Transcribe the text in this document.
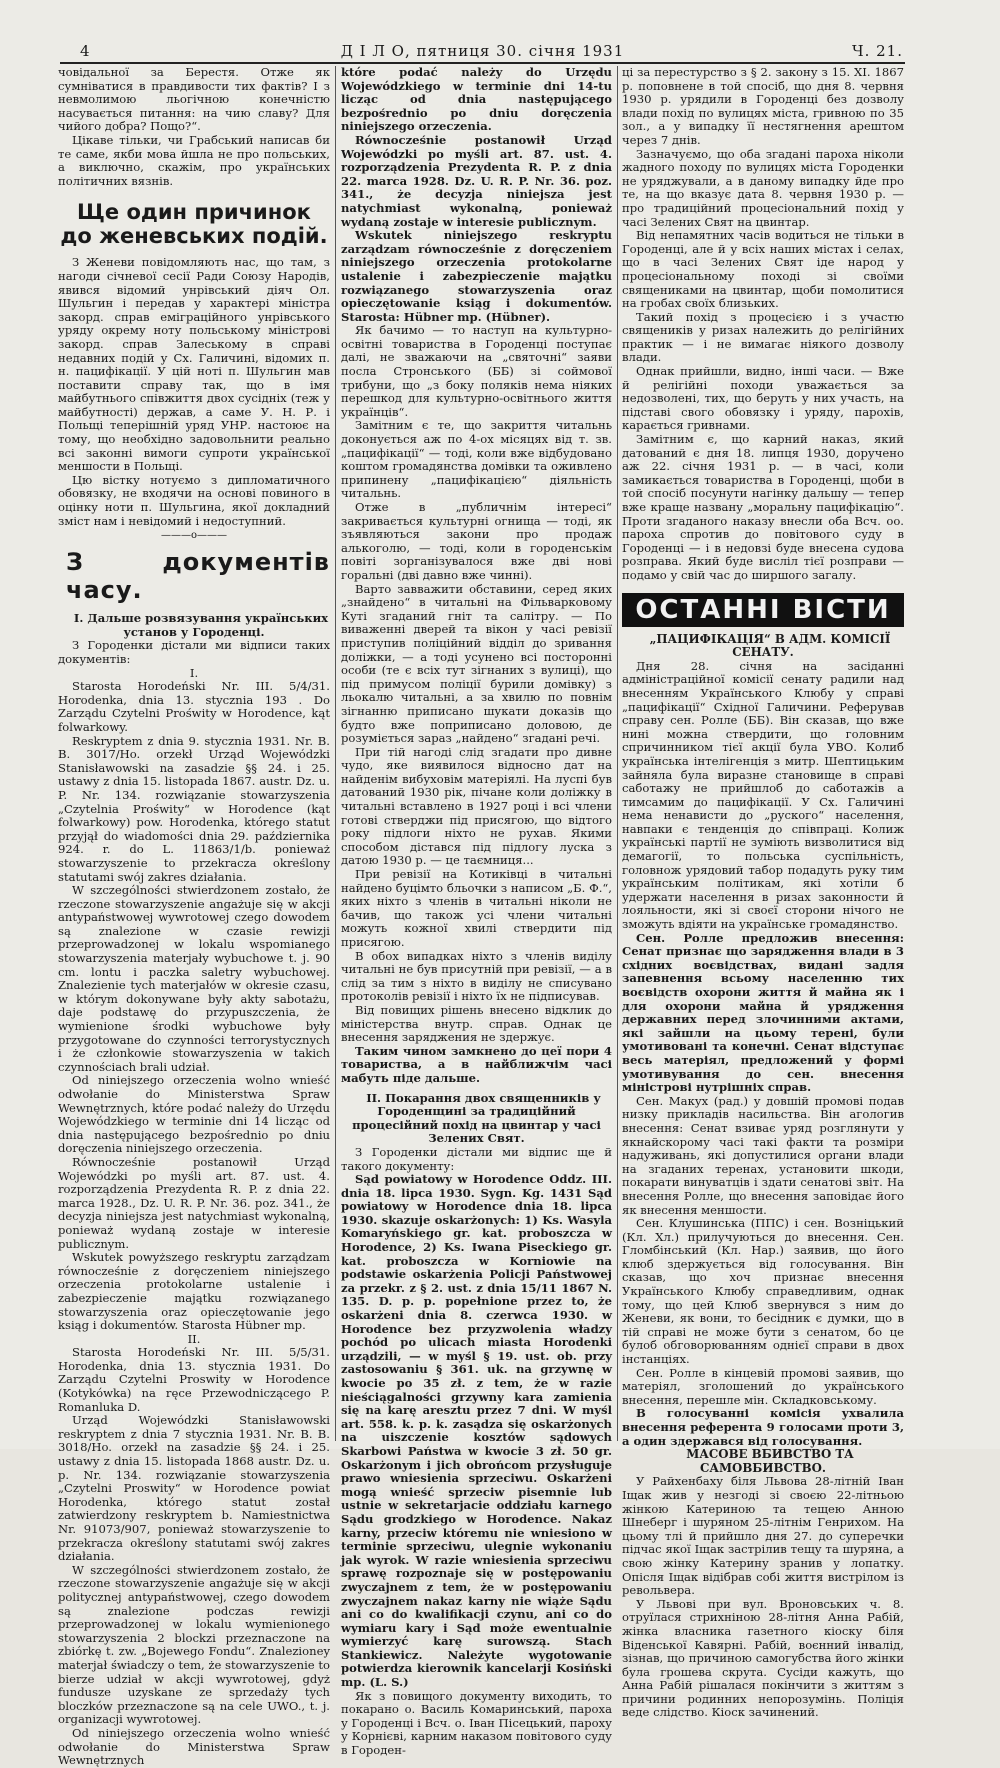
4	Д І Л О, пятниця 30. січня 1931	Ч. 21.

човідальної за Берестя. Отже як сумніватися в правдивости тих фактів? І з невмолимою льогічною конечністю насувається питання: на чию славу? Для чийого добра? Пощо?“.

Цікаве тільки, чи Грабський написав би те саме, якби мова йшла не про польських, а виключно, скажім, про українських політичних вязнів.

Ще один причинок до женевських подій.

З Женеви повідомляють нас, що там, з нагоди січневої сесії Ради Союзу Народів, явився відомий унрівський діяч Ол. Шульгин і передав у характері міністра закорд. справ еміграційного унрівського уряду окрему ноту польському міністрові закорд. справ Залеському в справі недавних подій у Сх. Галичині, відомих п. н. пацифікації. У цій ноті п. Шульгин мав поставити справу так, що в імя майбутнього співжиття двох сусідніх (теж у майбутності) держав, а саме У. Н. Р. і Польщі теперішній уряд УНР. настоює на тому, що необхідно задовольнити реально всі законні вимоги супроти української меншости в Польщі.

Цю вістку нотуємо з дипломатичного обовязку, не входячи на основі повиного в оцінку ноти п. Шульгина, якої докладний зміст нам і невідомий і недоступний.

———o———
З документів часу.

І. Дальше розвязування українських установ у Городенці.

З Городенки дістали ми відписи таких документів:

І.

Starosta Horodeński Nr. III. 5/4/31. Horodenka, dnia 13. stycznia 193 . Do Zarządu Czytelni Proświty w Horodence, kąt folwarkowy.

Reskryptem z dnia 9. stycznia 1931. Nr. B. B. 3017/Ho. orzekł Urząd Wojewódzki Stanisławowski na zasadzie §§ 24. i 25. ustawy z dnia 15. listopada 1867. austr. Dz. u. P. Nr. 134. rozwiązanie stowarzyszenia „Czytelnia Proświty“ w Horodence (kąt folwarkowy) pow. Horodenka, którego statut przyjął do wiadomości dnia 29. października 924. r. do L. 11863/1/b. ponieważ stowarzyszenie to przekracza określony statutami swój zakres działania.

W szczególności stwierdzonem zostało, że rzeczone stowarzyszenie angażuje się w akcji antypaństwowej wywrotowej czego dowodem są znalezione w czasie rewizji przeprowadzonej w lokalu wspomianego stowarzyszenia materjały wybuchowe t. j. 90 cm. lontu i paczka saletry wybuchowej. Znalezienie tych materjałów w okresie czasu, w którym dokonywane były akty sabotażu, daje podstawę do przypuszczenia, że wymienione środki wybuchowe były przygotowane do czynności terrorystycznych i że członkowie stowarzyszenia w takich czynnościach brali udział.

Od niniejszego orzeczenia wolno wnieść odwołanie do Ministerstwa Spraw Wewnętrznych, które podać należy do Urzędu Wojewódzkiego w terminie dni 14 licząc od dnia następującego bezpośrednio po dniu doręczenia niniejszego orzeczenia.

Równocześnie postanowił Urząd Wojewódzki po myśli art. 87. ust. 4. rozporządzenia Prezydenta R. P. z dnia 22. marca 1928., Dz. U. R. P. Nr. 36. poz. 341., że decyzja niniejsza jest natychmiast wykonalną, ponieważ wydaną zostaje w interesie publicznym.

Wskutek powyższego reskryptu zarządzam równocześnie z doręczeniem niniejszego orzeczenia protokolarne ustalenie i zabezpieczenie majątku rozwiązanego stowarzyszenia oraz opieczętowanie jego ksiąg i dokumentów. Starosta Hübner mp.

II.

Starosta Horodeński Nr. III. 5/5/31. Horodenka, dnia 13. stycznia 1931. Do Zarządu Czytelni Proswity w Horodence (Kotykówka) na ręce Przewodniczącego P. Romanluka D.

Urząd Wojewódzki Stanisławowski reskryptem z dnia 7 stycznia 1931. Nr. B. B. 3018/Ho. orzekł na zasadzie §§ 24. i 25. ustawy z dnia 15. listopada 1868 austr. Dz. u. p. Nr. 134. rozwiązanie stowarzyszenia „Czytelni Proswity“ w Horodence powiat Horodenka, którego statut został zatwierdzony reskryptem b. Namiestnictwa Nr. 91073/907, ponieważ stowarzyszenie to przekracza określony statutami swój zakres działania.

W szczególności stwierdzonem zostało, że rzeczone stowarzyszenie angażuje się w akcji politycznej antypaństwowej, czego dowodem są znalezione podczas rewizji przeprowadzonej w lokalu wymienionego stowarzyszenia 2 blockzi przeznaczone na zbiórkę t. zw. „Bojewego Fondu“. Znalezioney materjał świadczy o tem, że stowarzyszenie to bierze udział w akcji wywrotowej, gdyż fundusze uzyskane ze sprzedaży tych bloczków przeznaczone są na cele UWO., t. j. organizacji wywrotowej.

Od niniejszego orzeczenia wolno wnieść odwołanie do Ministerstwa Spraw Wewnętrznych

które podać należy do Urzędu Wojewódzkiego w terminie dni 14-tu licząc od dnia następującego bezpośrednio po dniu doręczenia niniejszego orzeczenia.

Równocześnie postanowił Urząd Wojewódzki po myśli art. 87. ust. 4. rozporządzenia Prezydenta R. P. z dnia 22. marca 1928. Dz. U. R. P. Nr. 36. poz. 341., że decyzja niniejsza jest natychmiast wykonalną, ponieważ wydaną zostaje w interesie publicznym.

Wskutek niniejszego reskryptu zarządzam równocześnie z doręczeniem niniejszego orzeczenia protokolarne ustalenie i zabezpieczenie majątku rozwiązanego stowarzyszenia oraz opieczętowanie ksiąg i dokumentów. Starosta: Hübner mp. (Hübner).

Як бачимо — то наступ на культурно-освітні товариства в Городенці поступає далі, не зважаючи на „святочні“ заяви посла Стронського (ББ) зі соймової трибуни, що „з боку поляків нема ніяких перешкод для культурно-освітнього життя українців“.

Замітним є те, що закриття читальнь доконується аж по 4-ох місяцях від т. зв. „пацифікації“ — тоді, коли вже відбудовано коштом громадянства домівки та оживлено припинену „пацифікацією“ діяльність читальнь.

Отже в „публичнім інтересі“ закривається культурні огнища — тоді, як зъявляються закони про продаж алькоголю, — тоді, коли в городенськім повіті зорганізувалося вже дві нові горальні (дві давно вже чинні).

Варто завважити обставини, серед яких „знайдено“ в читальні на Фільварковому Куті згаданий гніт та салітру. — По виваженні дверей та вікон у часі ревізії приступив поліційний відділ до зривання доліжки, — а тоді усунено всі посторонні особи (те є всіх тут зігнаних з вулиці), що під примусом поліції бурили домівку) з льокалю читальні, а за хвилю по повнім зігнанню приписано шукати доказів що будто вже поприписано доловою, де розуміється зараз „найдено“ згадані речі.

При тій нагоді слід згадати про дивне чудо, яке виявилося відносно дат на найденім вибуховім матеріялі. На луспі був датований 1930 рік, пічане коли доліжку в читальні вставлено в 1927 році і всі члени готові стверджи під присягою, що відтого року підлоги ніхто не рухав. Якими способом дістався під підлогу луска з датою 1930 р. — це таємниця...

При ревізії на Котиківці в читальні найдено буцімто бльочки з написом „Б. Ф.“, яких ніхто з членів в читальні ніколи не бачив, що також усі члени читальні можуть кожної хвилі ствердити під присягою.

В обох випадках ніхто з членів виділу читальні не був присутній при ревізії, — а в слід за тим з ніхто в виділу не списувано протоколів ревізії і ніхто їх не підписував.

Від повищих рішень внесено відклик до міністерства внутр. справ. Однак це внесення заряджения не здержує.

Таким чином замкнено до цеї пори 4 товариства, а в найближчім часі мабуть піде дальше.

ІІ. Покарання двох священників у Городенщині за традиційний процесійний похід на цвинтар у часі Зелених Свят.

З Городенки дістали ми відпис ще й такого документу:

Sąd powiatowy w Horodence Oddz. III. dnia 18. lipca 1930. Sygn. Kg. 1431 Sąd powiatowy w Horodence dnia 18. lipca 1930. skazuje oskarżonych: 1) Ks. Wasyla Komaryńskiego gr. kat. proboszcza w Horodence, 2) Ks. Iwana Piseckiego gr. kat. proboszcza w Korniowie na podstawie oskarżenia Policji Państwowej za przekr. z § 2. ust. z dnia 15/11 1867 N. 135. D. p. p. popełnione przez to, że oskarżeni dnia 8. czerwca 1930. w Horodence bez przyzwolenia władzy pochód po ulicach miasta Horodenki urządzili, — w myśl § 19. ust. ob. przy zastosowaniu § 361. uk. na grzywnę w kwocie po 35 zł. z tem, że w razie nieściągalności grzywny kara zamienia się na karę aresztu przez 7 dni. W myśl art. 558. k. p. k. zasądza się oskarżonych na uiszczenie kosztów sądowych Skarbowi Państwa w kwocie 3 zł. 50 gr. Oskarżonym i jich obrońcom przysługuje prawo wniesienia sprzeciwu. Oskarżeni mogą wnieść sprzeciw pisemnie lub ustnie w sekretarjacie oddziału karnego Sądu grodzkiego w Horodence. Nakaz karny, przeciw któremu nie wniesiono w terminie sprzeciwu, ulegnie wykonaniu jak wyrok. W razie wniesienia sprzeciwu sprawę rozpoznaje się w postępowaniu zwyczajnem z tem, że w postępowaniu zwyczajnem nakaz karny nie wiąże Sądu ani co do kwalifikacji czynu, ani co do wymiaru kary i Sąd może ewentualnie wymierzyć karę surowszą. Stach Stankiewicz. Należyte wygotowanie potwierdza kierownik kancelarji Kosiński mp. (L. S.)

Як з повищого документу виходить, то покарано о. Василь Комаринський, пароха у Городенці і Всч. о. Іван Пісецький, пароху у Корнієві, карним наказом повітового суду в Городен-

ці за перестурство з § 2. закону з 15. XI. 1867 р. поповнене в той спосіб, що дня 8. червня 1930 р. урядили в Городенці без дозволу влади похід по вулицях міста, гривною по 35 зол., а у випадку її нестягнення арештом через 7 днів.

Зазначуємо, що оба згадані пароха ніколи жадного походу по вулицях міста Городенки не уряджували, а в даному випадку йде про те, на що вказує дата 8. червня 1930 р. — про традиційний процесіональний похід у часі Зелених Свят на цвинтар.

Від непамятних часів водиться не тільки в Городенці, але й у всіх наших містах і селах, що в часі Зелених Свят іде народ у процесіональному поході зі своїми священиками на цвинтар, щоби помолитися на гробах своїх близьких.

Такий похід з процесією і з участю священиків у ризах належить до релігійних практик — і не вимагає ніякого дозволу влади.

Однак прийшли, видно, інші часи. — Вже й релігійні походи уважається за недозволені, тих, що беруть у них участь, на підставі свого обовязку і уряду, парохів, карається гривнами.

Замітним є, що карний наказ, який датований є дня 18. липця 1930, доручено аж 22. січня 1931 р. — в часі, коли замикається товариства в Городенці, щоби в той спосіб посунути нагінку дальшу — тепер вже краще названу „моральну пацифікацію“. Проти згаданого наказу внесли оба Всч. оо. пароха спротив до повітового суду в Городенці — і в недовзі буде внесена судова розправа. Який буде висліл тієї розправи — подамо у свій час до ширшого загалу.

ОСТАННІ ВІСТИ

„ПАЦИФІКАЦІЯ“ В АДМ. КОМІСІЇ СЕНАТУ.

Дня 28. січня на засіданні адміністраційної комісії сенату радили над внесенням Українського Клюбу у справі „пацифікації“ Східної Галичини. Реферував справу сен. Ролле (ББ). Він сказав, що вже нині можна ствердити, що головним спричинником тієї акції була УВО. Колиб українська інтелігенція з митр. Шептицьким зайняла була виразне становище в справі саботажу не прийшлоб до саботажів а тимсамим до пацифікації. У Сх. Галичині нема ненависти до „руского“ населення, навпаки є тенденція до співпраці. Колиж українські партії не зуміють визволитися від демагогії, то польська суспільність, головнож урядовий табор подадуть руку тим українським політикам, які хотіли б удержати населення в ризах законности й лояльности, які зі своєї сторони нічого не зможуть вдіяти на українське громадянство.

Сен. Ролле предложив внесення: Сенат признає що зарядження влади в 3 східних воєвідствах, видані задля запевнення всьому населенню тих воєвідств охорони життя й майна як і для охорони майна й урядження державних перед злочинними актами, які зайшли на цьому терені, були умотивовані та конечні. Сенат відступає весь матеріял, предложений у формі умотивування до сен. внесення міністрові нутрішніх справ.

Сен. Макух (рад.) у довшій промові подав низку прикладів насильства. Він агологив внесення: Сенат взиває уряд розглянути у якнайскорому часі такі факти та розміри надуживань, які допустилися органи влади на згаданих теренах, установити шкоди, покарати винуватців і здати сенатові звіт. На внесення Ролле, що внесення заповідає його як внесення меншости.

Сен. Клушинська (ППС) і сен. Возніцький (Кл. Хл.) прилучуються до внесення. Сен. Гломбінський (Кл. Нар.) заявив, що його клюб здержується від голосування. Він сказав, що хоч признає внесення Українського Клюбу справедливим, однак тому, що цей Клюб звернувся з ним до Женеви, як вони, то бесідник є думки, що в тій справі не може бути з сенатом, бо це булоб обговорюванням однієї справи в двох інстанціях.

Сен. Ролле в кінцевій промові заявив, що матеріял, зголошений до українського внесення, перешле мін. Складковському.

В голосуванні комісія ухвалила внесення референта 9 голосами проти 3, а один здержався від голосування.

МАСОВЕ ВБИВСТВО ТА САМОВБИВСТВО.

У Райхенбаху біля Львова 28-літній Іван Іщак жив у незгоді зі своєю 22-літньою жінкою Катериною та тещею Анною Шнеберг і шуряном 25-літнім Генрихом. На цьому тлі й прийшло дня 27. до суперечки підчас якої Іщак застрілив тещу та шуряна, а свою жінку Катерину зранив у лопатку. Опісля Іщак відібрав собі життя вистрілом із револьвера.

У Львові при вул. Вроновських ч. 8. отруїлася стрихніною 28-літня Анна Рабій, жінка власника газетного кіоску біля Віденської Кавярні. Рабій, воєнний інвалід, зізнав, що причиною самогубства його жінки була грошева скрута. Сусіди кажуть, що Анна Рабій рішалася покінчити з життям з причини родинних непорозумінь. Поліція веде слідство. Кіоск зачинений.
